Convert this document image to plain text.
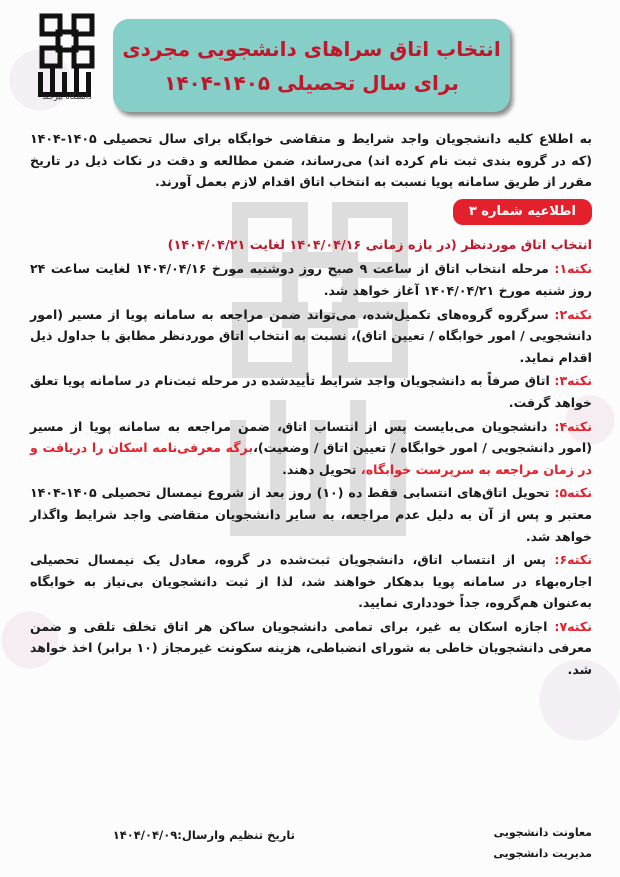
دانشگاه بیرجند
انتخاب اتاق سراهای دانشجویی مجردی
برای سال تحصیلی ۱۴۰۵-۱۴۰۴

به اطلاع کلیه دانشجویان واجد شرایط و متقاضی خوابگاه برای سال تحصیلی ۱۴۰۵-۱۴۰۴ (که در گروه بندی ثبت نام کرده اند) می‌رساند، ضمن مطالعه و دقت در نکات ذیل در تاریخ مقرر از طریق سامانه پویا نسبت به انتخاب اتاق اقدام لازم بعمل آورند.

اطلاعیه شماره ۳
انتخاب اتاق موردنظر (در بازه زمانی ۱۴۰۴/۰۴/۱۶ لغایت ۱۴۰۴/۰۴/۲۱)

نکته۱: مرحله انتخاب اتاق از ساعت ۹ صبح روز دوشنبه مورخ ۱۴۰۴/۰۴/۱۶ لغایت ساعت ۲۴ روز شنبه مورخ ۱۴۰۴/۰۴/۲۱ آغاز خواهد شد.

نکته۲: سرگروه گروه‌های تکمیل‌شده، می‌تواند ضمن مراجعه به سامانه پویا از مسیر (امور دانشجویی / امور خوابگاه / تعیین اتاق)، نسبت به انتخاب اتاق موردنظر مطابق با جداول ذیل اقدام نماید.

نکته۳: اتاق صرفاً به دانشجویان واجد شرایط تأییدشده در مرحله ثبت‌نام در سامانه پویا تعلق خواهد گرفت.

نکته۴: دانشجویان می‌بایست پس از انتساب اتاق، ضمن مراجعه به سامانه پویا از مسیر (امور دانشجویی / امور خوابگاه / تعیین اتاق / وضعیت)،برگه معرفی‌نامه اسکان را دریافت و در زمان مراجعه به سرپرست خوابگاه، تحویل دهند.

نکته۵: تحویل اتاق‌های انتسابی فقط ده (۱۰) روز بعد از شروع نیمسال تحصیلی ۱۴۰۵-۱۴۰۴ معتبر و پس از آن به دلیل عدم مراجعه، به سایر دانشجویان متقاضی واجد شرایط واگذار خواهد شد.

نکته۶: پس از انتساب اتاق، دانشجویان ثبت‌شده در گروه، معادل یک نیمسال تحصیلی اجاره‌بهاء در سامانه پویا بدهکار خواهند شد، لذا از ثبت دانشجویان بی‌نیاز به خوابگاه به‌عنوان هم‌گروه، جداً خودداری نمایید.

نکته۷: اجازه اسکان به غیر، برای تمامی دانشجویان ساکن هر اتاق تخلف تلقی و ضمن معرفی دانشجویان خاطی به شورای انضباطی، هزینه سکونت غیرمجاز (۱۰ برابر) اخذ خواهد شد.

معاونت دانشجویی
مدیریت دانشجویی
تاریخ تنظیم وارسال:۱۴۰۴/۰۴/۰۹
